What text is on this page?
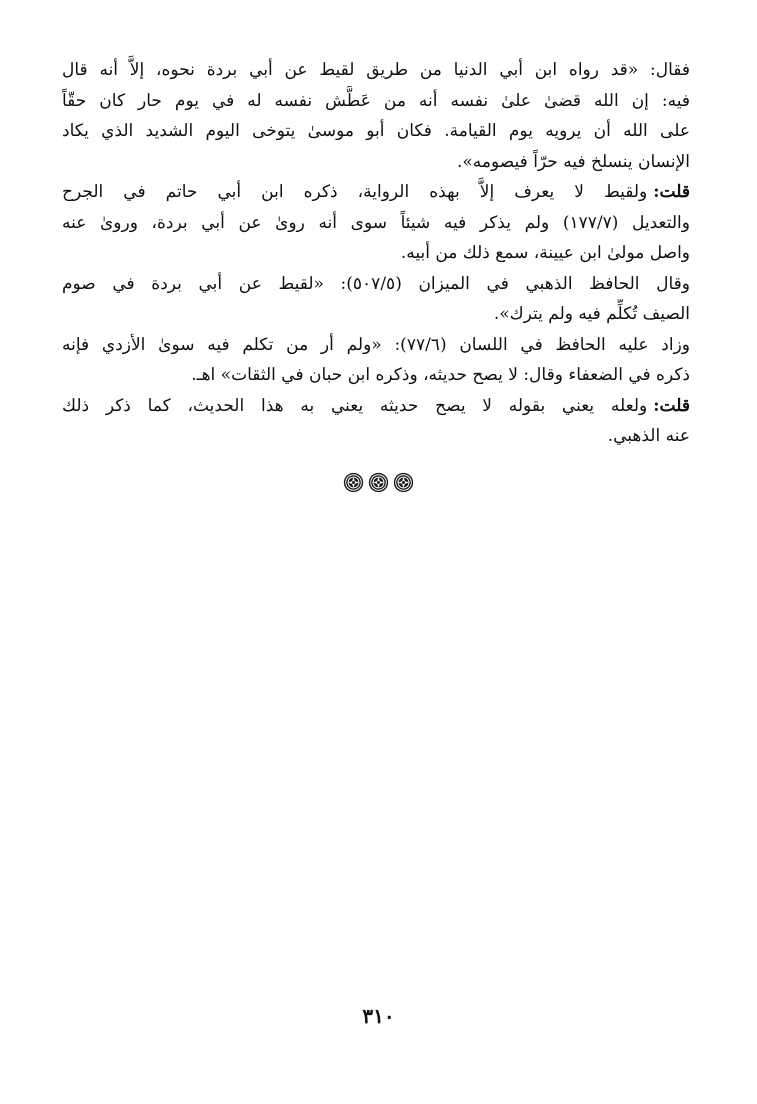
فقال: «قد رواه ابن أبي الدنيا من طريق لقيط عن أبي بردة نحوه، إلاَّ أنه قال
فيه: إن الله قضىٰ علىٰ نفسه أنه من عَطَّش نفسه له في يوم حار كان حقّاً
على الله أن يرويه يوم القيامة. فكان أبو موسىٰ يتوخى اليوم الشديد الذي يكاد
الإنسان ينسلخ فيه حرّاً فيصومه».
قلت:ولقيط لا يعرف إلاَّ بهذه الرواية، ذكره ابن أبي حاتم في الجرح
والتعديل (١٧٧/٧) ولم يذكر فيه شيئاً سوى أنه روىٰ عن أبي بردة، وروىٰ عنه
واصل مولىٰ ابن عيينة، سمع ذلك من أبيه.
وقال الحافظ الذهبي في الميزان (٥٠٧/٥): «لقيط عن أبي بردة في صوم
الصيف تُكلِّم فيه ولم يترك».
وزاد عليه الحافظ في اللسان (٧٧/٦): «ولم أر من تكلم فيه سوىٰ الأزدي فإنه
ذكره في الضعفاء وقال: لا يصح حديثه، وذكره ابن حبان في الثقات» اهـ.
قلت:ولعله يعني بقوله لا يصح حديثه يعني به هذا الحديث، كما ذكر ذلك
عنه الذهبي.
٣١٠
